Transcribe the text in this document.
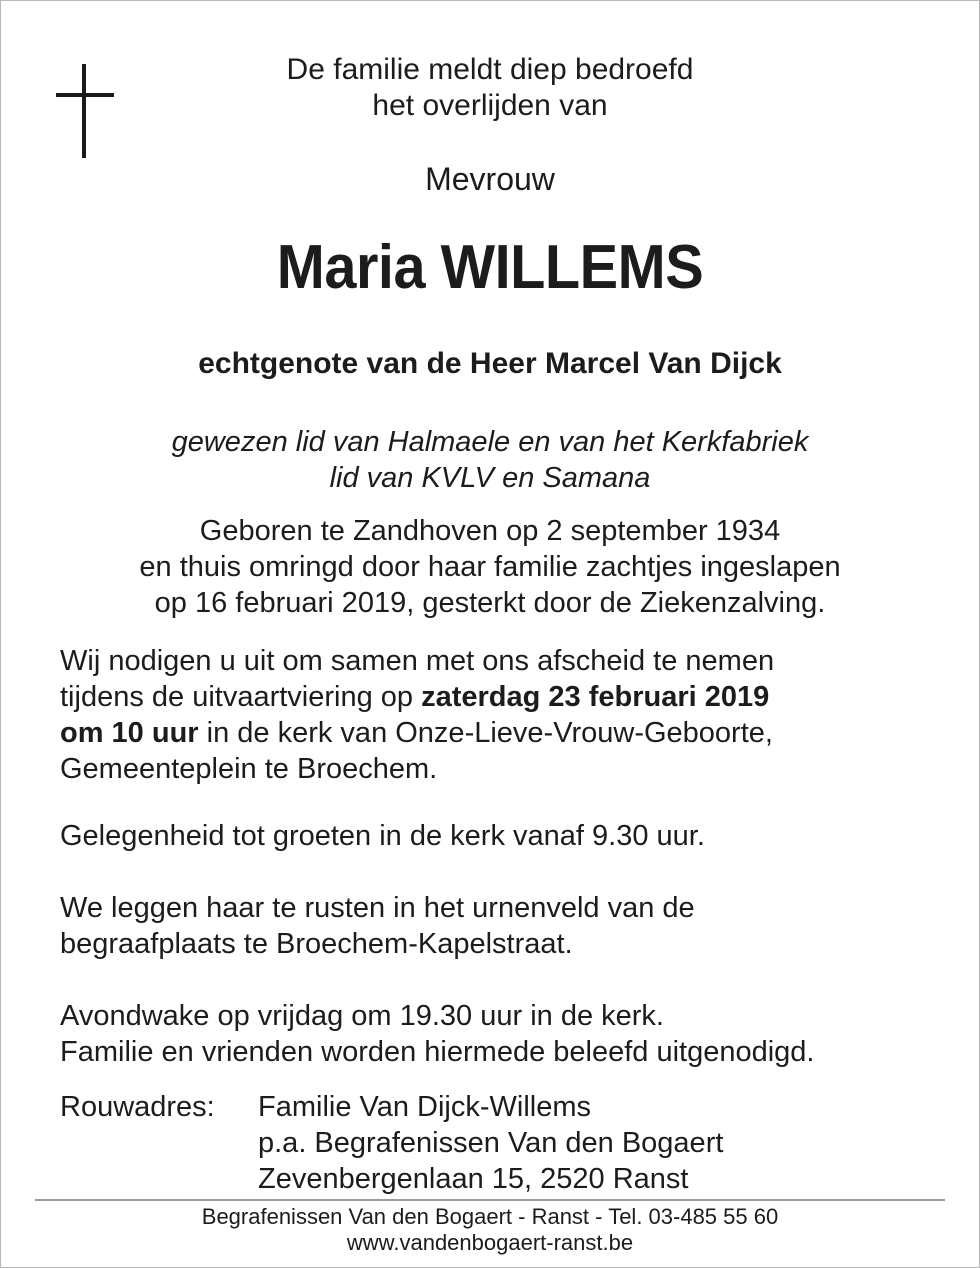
De familie meldt diep bedroefd
het overlijden van
Mevrouw
Maria WILLEMS
echtgenote van de Heer Marcel Van Dijck
gewezen lid van Halmaele en van het Kerkfabriek
lid van KVLV en Samana
Geboren te Zandhoven op 2 september 1934
en thuis omringd door haar familie zachtjes ingeslapen
op 16 februari 2019, gesterkt door de Ziekenzalving.
Wij nodigen u uit om samen met ons afscheid te nemen
tijdens de uitvaartviering op zaterdag 23 februari 2019
om 10 uur in de kerk van Onze-Lieve-Vrouw-Geboorte,
Gemeenteplein te Broechem.
Gelegenheid tot groeten in de kerk vanaf 9.30 uur.
We leggen haar te rusten in het urnenveld van de
begraafplaats te Broechem-Kapelstraat.
Avondwake op vrijdag om 19.30 uur in de kerk.
Familie en vrienden worden hiermede beleefd uitgenodigd.
Rouwadres: Familie Van Dijck-Willems
p.a. Begrafenissen Van den Bogaert
Zevenbergenlaan 15, 2520 Ranst
Begrafenissen Van den Bogaert - Ranst - Tel. 03-485 55 60
www.vandenbogaert-ranst.be
